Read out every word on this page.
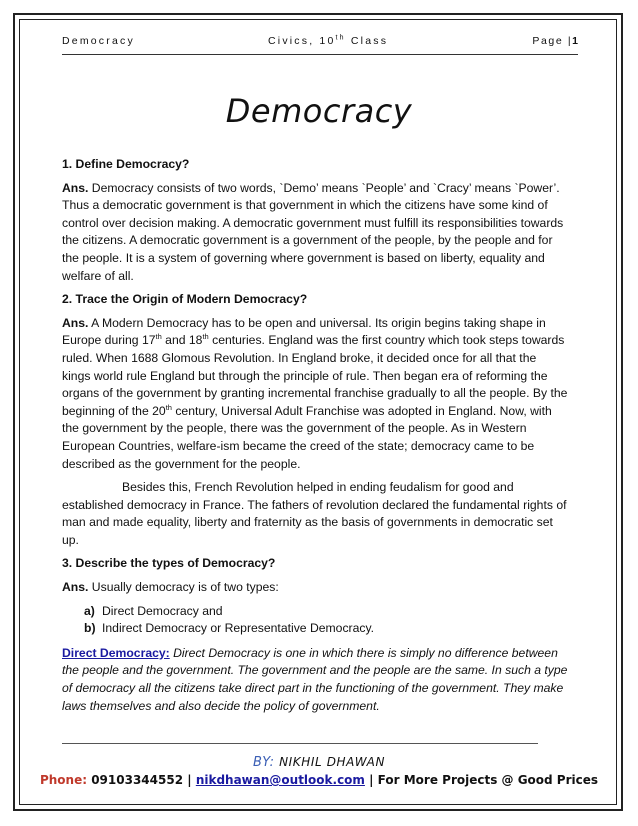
Democracy	Civics, 10th Class	Page |1
Democracy
1. Define Democracy?
Ans. Democracy consists of two words, `Demo’ means `People’ and `Cracy’ means `Power’. Thus a democratic government is that government in which the citizens have some kind of control over decision making. A democratic government must fulfill its responsibilities towards the citizens. A democratic government is a government of the people, by the people and for the people. It is a system of governing where government is based on liberty, equality and welfare of all.
2. Trace the Origin of Modern Democracy?
Ans. A Modern Democracy has to be open and universal. Its origin begins taking shape in Europe during 17th and 18th centuries. England was the first country which took steps towards ruled. When 1688 Glomous Revolution. In England broke, it decided once for all that the kings world rule England but through the principle of rule. Then began era of reforming the organs of the government by granting incremental franchise gradually to all the people. By the beginning of the 20th century, Universal Adult Franchise was adopted in England. Now, with the government by the people, there was the government of the people. As in Western European Countries, welfare-ism became the creed of the state; democracy came to be described as the government for the people.
Besides this, French Revolution helped in ending feudalism for good and established democracy in France. The fathers of revolution declared the fundamental rights of man and made equality, liberty and fraternity as the basis of governments in democratic set up.
3. Describe the types of Democracy?
Ans. Usually democracy is of two types:
a) Direct Democracy and
b) Indirect Democracy or Representative Democracy.
Direct Democracy: Direct Democracy is one in which there is simply no difference between the people and the government. The government and the people are the same. In such a type of democracy all the citizens take direct part in the functioning of the government. They make laws themselves and also decide the policy of government.
BY: NIKHIL DHAWAN
Phone: 09103344552 | nikdhawan@outlook.com | For More Projects @ Good Prices
